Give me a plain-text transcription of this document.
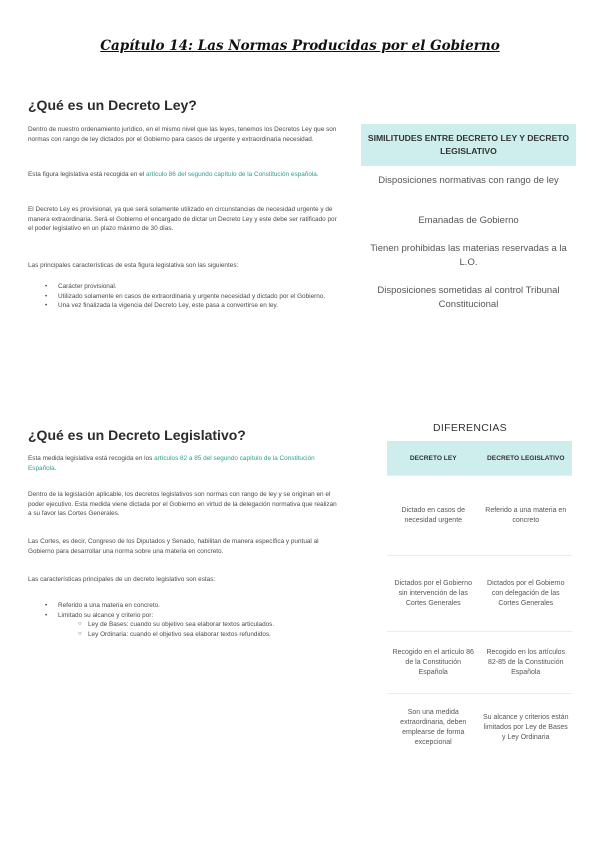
Capítulo 14: Las Normas Producidas por el Gobierno
¿Qué es un Decreto Ley?

Dentro de nuestro ordenamiento jurídico, en el mismo nivel que las leyes, tenemos los Decretos Ley que son normas con rango de ley dictados por el Gobierno para casos de urgente y extraordinaria necesidad.

Esta figura legislativa está recogida en el artículo 86 del segundo capítulo de la Constitución española.

El Decreto Ley es provisional, ya que será solamente utilizado en circunstancias de necesidad urgente y de manera extraordinaria. Será el Gobierno el encargado de dictar un Decreto Ley y este debe ser ratificado por el poder legislativo en un plazo máximo de 30 días.

Las principales características de esta figura legislativa son las siguientes:

• Carácter provisional.
• Utilizado solamente en casos de extraordinaria y urgente necesidad y dictado por el Gobierno.
• Una vez finalizada la vigencia del Decreto Ley, este pasa a convertirse en ley.
SIMILITUDES ENTRE DECRETO LEY Y DECRETO LEGISLATIVO
Disposiciones normativas con rango de ley
Emanadas de Gobierno
Tienen prohibidas las materias reservadas a la L.O.
Disposiciones sometidas al control Tribunal Constitucional
¿Qué es un Decreto Legislativo?

Esta medida legislativa está recogida en los artículos 82 a 85 del segundo capítulo de la Constitución Española.

Dentro de la legislación aplicable, los decretos legislativos son normas con rango de ley y se originan en el poder ejecutivo. Esta medida viene dictada por el Gobierno en virtud de la delegación normativa que realizan a su favor las Cortes Generales.

Las Cortes, es decir, Congreso de los Diputados y Senado, habilitan de manera específica y puntual al Gobierno para desarrollar una norma sobre una materia en concreto.

Las características principales de un decreto legislativo son estas:

• Referido a una materia en concreto.
• Limitado su alcance y criterio por:
○ Ley de Bases: cuando su objetivo sea elaborar textos articulados.
○ Ley Ordinaria: cuando el objetivo sea elaborar textos refundidos.
DIFERENCIAS
DECRETO LEY	DECRETO LEGISLATIVO
Dictado en casos de necesidad urgente	Referido a una materia en concreto
Dictados por el Gobierno sin intervención de las Cortes Generales	Dictados por el Gobierno con delegación de las Cortes Generales
Recogido en el artículo 86 de la Constitución Española	Recogido en los artículos 82-85 de la Constitución Española
Son una medida extraordinaria, deben emplearse de forma excepcional	Su alcance y criterios están limitados por Ley de Bases y Ley Ordinaria
